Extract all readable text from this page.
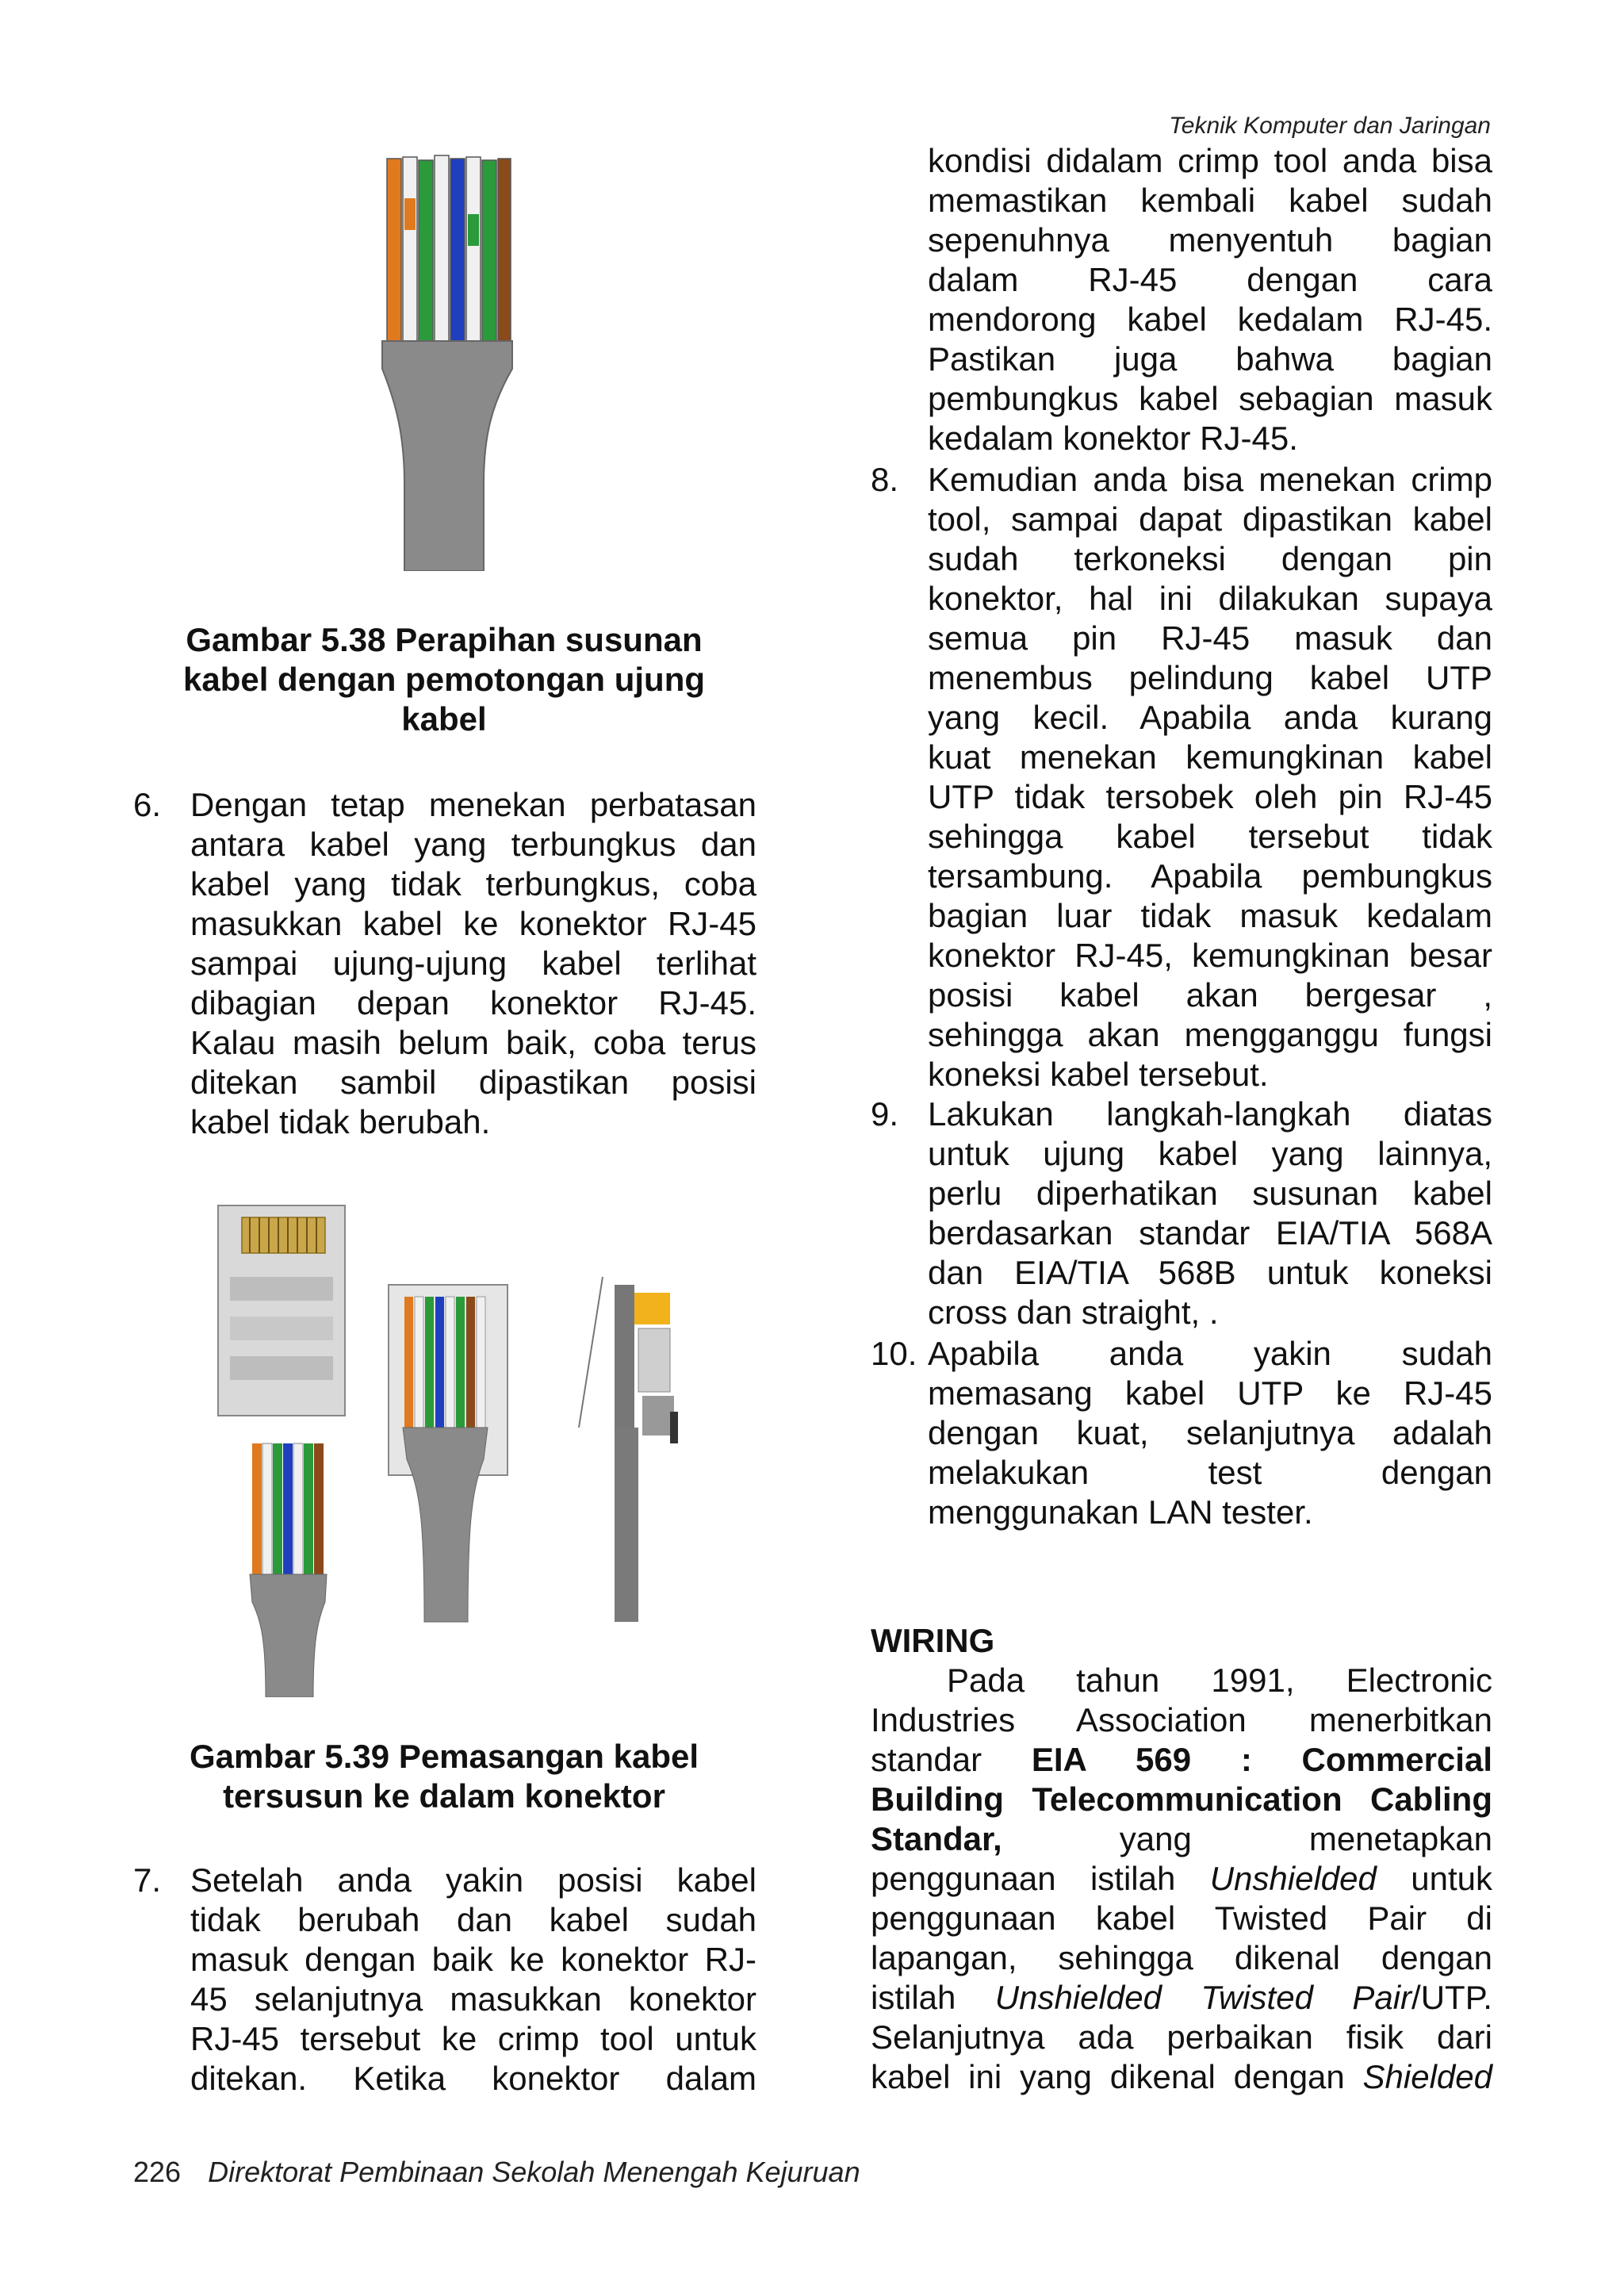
Teknik Komputer dan Jaringan
Gambar 5.38 Perapihan susunan
kabel dengan pemotongan ujung
kabel
6. Dengan tetap menekan perbatasan
antara kabel yang terbungkus dan
kabel yang tidak terbungkus, coba
masukkan kabel ke konektor RJ-45
sampai ujung-ujung kabel terlihat
dibagian depan konektor RJ-45.
Kalau masih belum baik, coba terus
ditekan sambil dipastikan posisi
kabel tidak berubah.
Gambar 5.39 Pemasangan kabel
tersusun ke dalam konektor
7. Setelah anda yakin posisi kabel
tidak berubah dan kabel sudah
masuk dengan baik ke konektor RJ-
45 selanjutnya masukkan konektor
RJ-45 tersebut ke crimp tool untuk
ditekan. Ketika konektor dalam
kondisi didalam crimp tool anda bisa
memastikan kembali kabel sudah
sepenuhnya menyentuh bagian
dalam RJ-45 dengan cara
mendorong kabel kedalam RJ-45.
Pastikan juga bahwa bagian
pembungkus kabel sebagian masuk
kedalam konektor RJ-45.
8. Kemudian anda bisa menekan crimp
tool, sampai dapat dipastikan kabel
sudah terkoneksi dengan pin
konektor, hal ini dilakukan supaya
semua pin RJ-45 masuk dan
menembus pelindung kabel UTP
yang kecil. Apabila anda kurang
kuat menekan kemungkinan kabel
UTP tidak tersobek oleh pin RJ-45
sehingga kabel tersebut tidak
tersambung. Apabila pembungkus
bagian luar tidak masuk kedalam
konektor RJ-45, kemungkinan besar
posisi kabel akan bergesar ,
sehingga akan mengganggu fungsi
koneksi kabel tersebut.
9. Lakukan langkah-langkah diatas
untuk ujung kabel yang lainnya,
perlu diperhatikan susunan kabel
berdasarkan standar EIA/TIA 568A
dan EIA/TIA 568B untuk koneksi
cross dan straight, .
10. Apabila anda yakin sudah
memasang kabel UTP ke RJ-45
dengan kuat, selanjutnya adalah
melakukan test dengan
menggunakan LAN tester.
WIRING
Pada tahun 1991, Electronic
Industries Association menerbitkan
standar EIA 569 : Commercial
Building Telecommunication Cabling
Standar, yang menetapkan
penggunaan istilah Unshielded untuk
penggunaan kabel Twisted Pair di
lapangan, sehingga dikenal dengan
istilah Unshielded Twisted Pair/UTP.
Selanjutnya ada perbaikan fisik dari
kabel ini yang dikenal dengan Shielded
226 Direktorat Pembinaan Sekolah Menengah Kejuruan
